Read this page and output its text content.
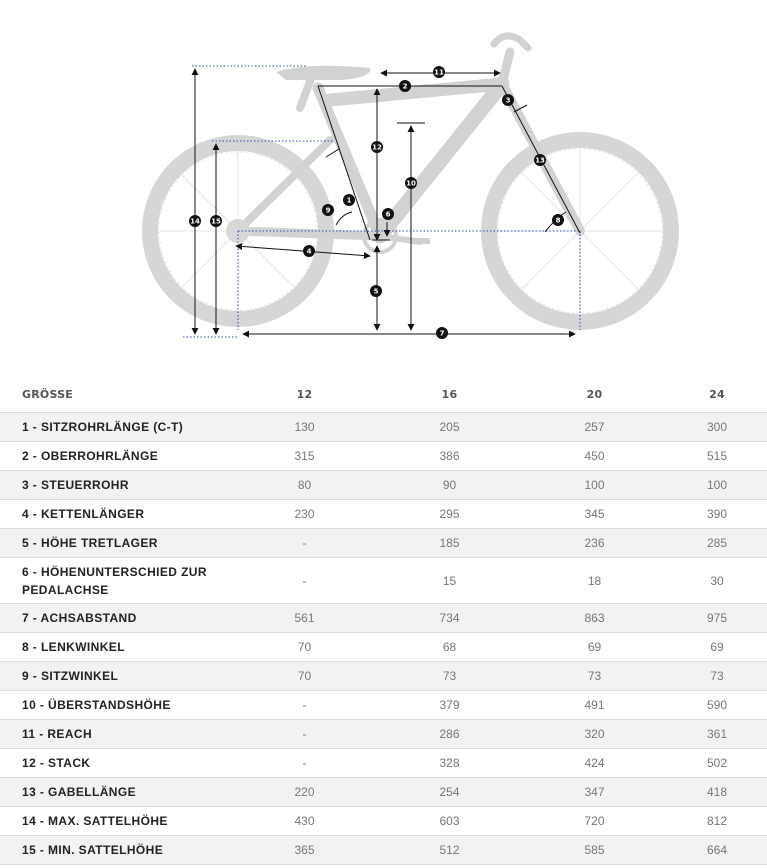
1
2
3
4
5
6
7
8
9
10
11
12
13
14 15
GRÖSSE	12	16	20	24
1 - SITZROHRLÄNGE (C-T)	130	205	257	300
2 - OBERROHRLÄNGE	315	386	450	515
3 - STEUERROHR	80	90	100	100
4 - KETTENLÄNGER	230	295	345	390
5 - HÖHE TRETLAGER	-	185	236	285
6 - HÖHENUNTERSCHIED ZUR PEDALACHSE	-	15	18	30
7 - ACHSABSTAND	561	734	863	975
8 - LENKWINKEL	70	68	69	69
9 - SITZWINKEL	70	73	73	73
10 - ÜBERSTANDSHÖHE	-	379	491	590
11 - REACH	-	286	320	361
12 - STACK	-	328	424	502
13 - GABELLÄNGE	220	254	347	418
14 - MAX. SATTELHÖHE	430	603	720	812
15 - MIN. SATTELHÖHE	365	512	585	664
